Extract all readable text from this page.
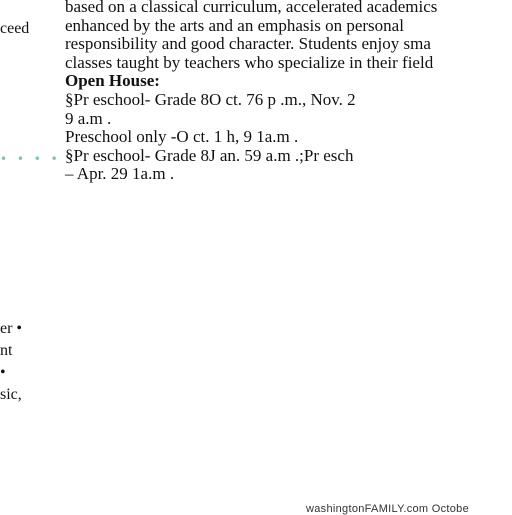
ceed
er •
nt
•
sic,
• • • •

based on a classical curriculum, accelerated academics

enhanced by the arts and an emphasis on personal

responsibility and good character. Students enjoy sma

classes taught by teachers who specialize in their field

Open House:

§Pr eschool- Grade 8O ct. 76 p .m., Nov. 2

9 a.m .

Preschool only -O ct. 1 h, 9 1a.m .

§Pr eschool- Grade 8J an. 59 a.m .;Pr esch

– Apr. 29 1a.m .

washingtonFAMILY.com Octobe
